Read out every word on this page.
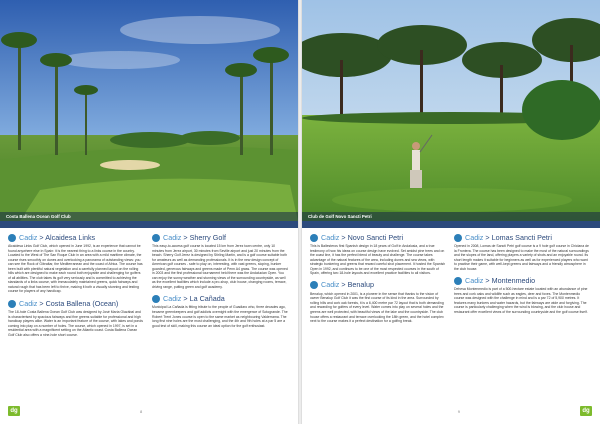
Costa Ballena Ocean Golf Club
Cadiz > Alcaidesa Links
Alcaidesa Links Golf Club, which opened in June 1992, is an experience that cannot be found anywhere else in Spain: it is the nearest thing to a links course in the country. Located to the West of The San Roque Club in an area with a mild maritime climate, the course rises smoothly on dunes and overlooking a panorama of outstanding views: you can see the Rock of Gibraltar, the Mediterranean and the coast of Africa. The course has been built with plentiful natural vegetation and a carefully planned layout on the rolling hills which are designed to make each round both enjoyable and challenging for golfers of all abilities. The club takes its golf very seriously and is committed to achieving the standards of a links course, with immaculately maintained greens, quick fairways and natural rough that has been left to thrive, making it both a visually stunning and testing course for players of any handicap.
Cadiz > Costa Ballena (Ocean)
The 18-hole Costa Ballena Ocean Golf Club was designed by José María Olazábal and is characterised by spacious fairways and fine greens suitable for professional and high handicap players alike. Water is an important feature of the course, with lakes and ponds coming into play on a number of holes. The course, which opened in 1997, is set in a residential area with a magnificent setting on the Atlantic coast. Costa Ballena Ocean Golf Club also offers a nine-hole short course.
Cadiz > Sherry Golf
This easy-to-access golf course is located 15 km from Jerez town centre, only 10 minutes from Jerez airport, 30 minutes from Seville airport and just 20 minutes from the beach. Sherry Golf Jerez is designed by Stirling Martin, and is a golf course suitable both for amateurs as well as demanding professionals. It is in the new design concept of American golf courses - safe to play on, interesting, with vast greens, sloping, bunker guarded, generous fairways and greens made of Penn A4 grass. The course was opened in 2003 and the first professional tournament held there was the Andalucian Open. You can enjoy the sunny weather and stunning views of the surrounding countryside, as well as the excellent facilities which include a pro-shop, club house, changing rooms, terrace, driving range, putting green and golf academy.
Cadiz > La Cañada
Municipal La Cañada is fitting tribute to the people of Guadiaro who, three decades ago, became greenkeepers and golf addicts overnight with the emergence of Sotogrande. The Robert Trent Jones course is open to the same market as neighbouring Valderrama. The long first nine holes are the most challenging, and the 4th and 9th holes at a par 5 are a good test of skill, making this course an ideal option for the golf enthusiast.
dg	8
Club de Golf Novo Sancti Petri
Cadiz > Novo Sancti Petri
This is Ballesteros first Spanish design in 18 years of Golf in Andalusia, and a true testimony of how his ideas on course design have evolved. Set amidst pine trees and on the coast line, it has the perfect blend of beauty and challenge. The course takes advantage of the natural features of the area, including dunes and sea views, with strategic bunkering and greens that reward careful shot placement. It hosted the Spanish Open in 1992, and continues to be one of the most respected courses in the south of Spain, offering two 18-hole layouts and excellent practice facilities to all visitors.
Cadiz > Benalup
Benalup, which opened in 2001, is a pioneer in the sense that thanks to the vision of owner Benalup Golf Club it was the first course of its kind in the area. Surrounded by rolling hills and cork oak forests, it is a 6,400 metre par 72 layout that is both demanding and rewarding for golfers of every level. Water comes into play on several holes and the greens are well protected, with beautiful views of the lake and the countryside. The club house offers a restaurant and terrace overlooking the 18th green, and the hotel complex next to the course makes it a perfect destination for a golfing break.
Cadiz > Lomas Sancti Petri
Opened in 2008, Lomas de Sancti Petri golf course is a 9 hole golf course in Chiclana de la Frontera. The course has been designed to make the most of the natural surroundings and the slopes of the land, offering players a variety of shots and an enjoyable round. Its short length makes it suitable for beginners as well as for experienced players who want to practise their game, with well-kept greens and fairways and a friendly atmosphere in the club house.
Cadiz > Montenmedio
Dehesa Montenmedio is part of a 500-hectare estate located with an abundance of pine trees and cork oaks and wildlife such as eagles, deer and foxes. The Montenmedio course was designed with the challenge in mind and is a par 72 of 5,900 metres. It features many bunkers and water hazards, but the fairways are wide and forgiving. The course is particularly challenging when the wind is blowing, and the club house and restaurant offer excellent views of the surrounding countryside and the golf course itself.
dg
9
